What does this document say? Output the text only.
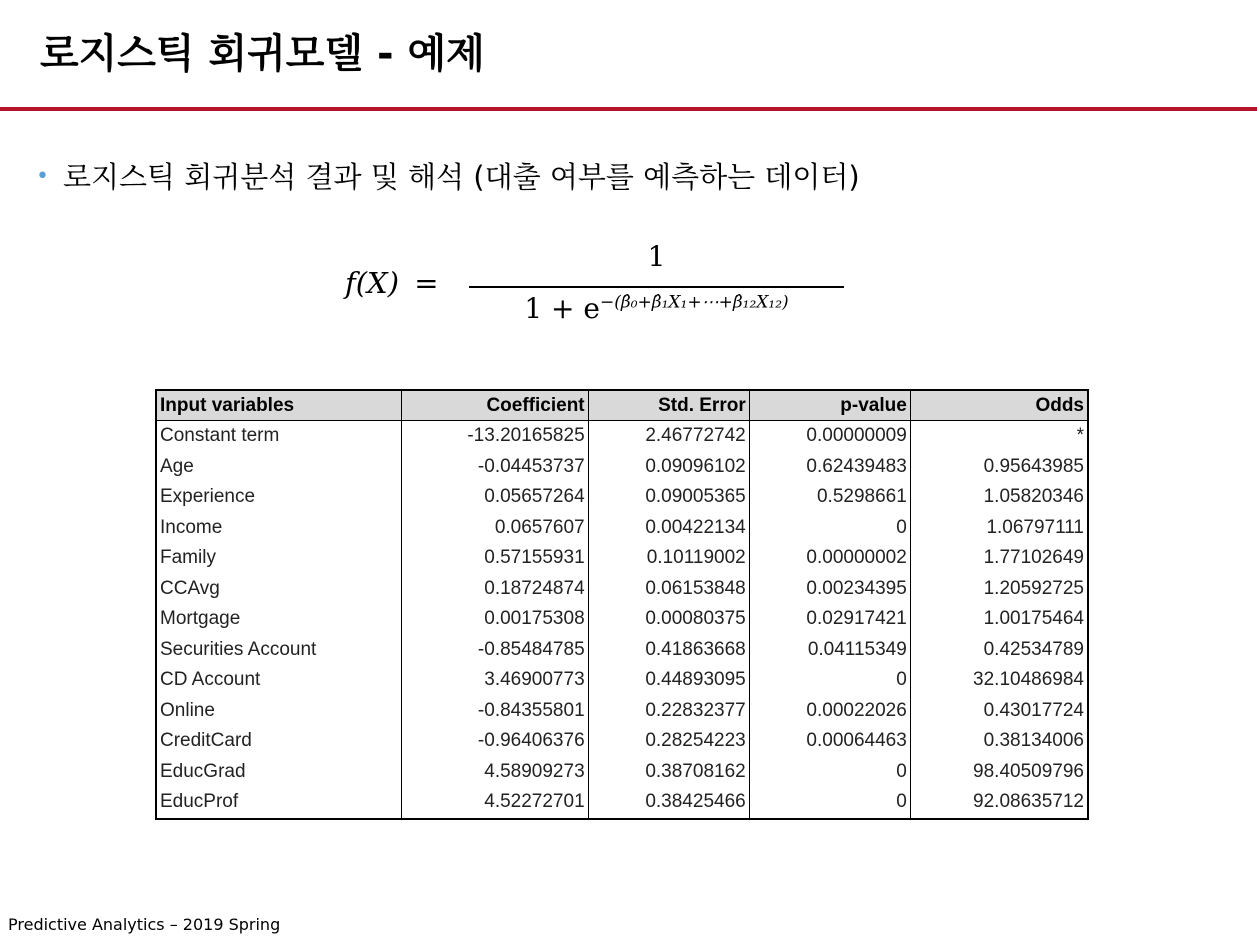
로지스틱 회귀모델 - 예제
• 로지스틱 회귀분석 결과 및 해석 (대출 여부를 예측하는 데이터)
f(X) =
1
$1 + e^{-(\betâ_0+\betâ_1X_1+\cdots+\betâ_{12}X_{12})}$
Input variables	Coefficient	Std. Error	p-value	Odds
Constant term	-13.20165825	2.46772742	0.00000009	*
Age	-0.04453737	0.09096102	0.62439483	0.95643985
Experience	0.05657264	0.09005365	0.5298661	1.05820346
Income	0.0657607	0.00422134	0	1.06797111
Family	0.57155931	0.10119002	0.00000002	1.77102649
CCAvg	0.18724874	0.06153848	0.00234395	1.20592725
Mortgage	0.00175308	0.00080375	0.02917421	1.00175464
Securities Account	-0.85484785	0.41863668	0.04115349	0.42534789
CD Account	3.46900773	0.44893095	0	32.10486984
Online	-0.84355801	0.22832377	0.00022026	0.43017724
CreditCard	-0.96406376	0.28254223	0.00064463	0.38134006
EducGrad	4.58909273	0.38708162	0	98.40509796
EducProf	4.52272701	0.38425466	0	92.08635712
Predictive Analytics – 2019 Spring
